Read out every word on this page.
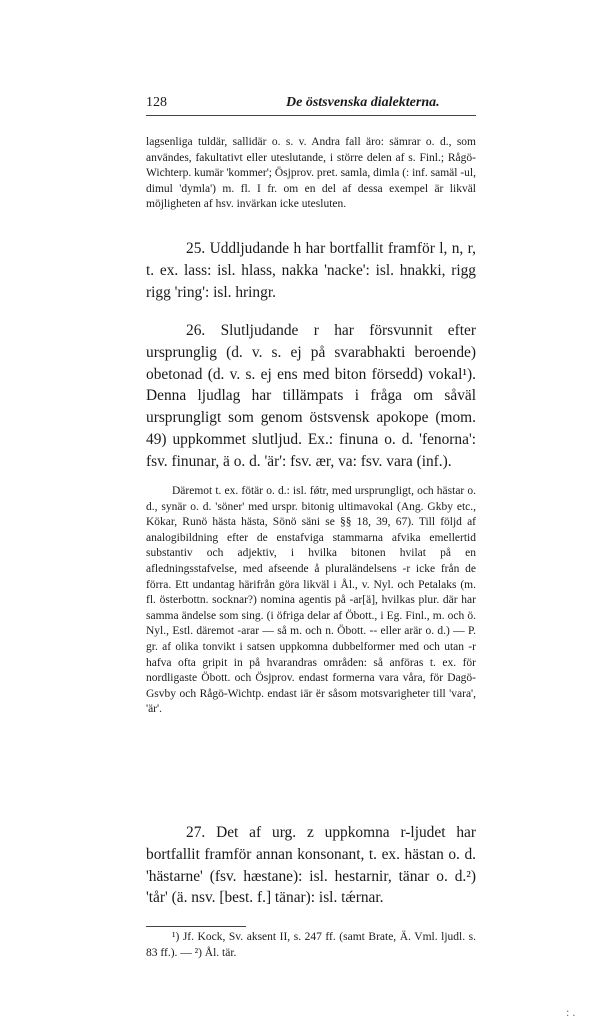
128	De östsvenska dialekterna.

lagsenliga tuldär, sallidär o. s. v. Andra fall äro: sämrar o. d., som användes, fakultativt eller uteslutande, i större delen af s. Finl.; Rågö-Wichterp. kumär 'kommer'; Ösjprov. pret. samla, dimla (: inf. samäl -ul, dimul 'dymla') m. fl. I fr. om en del af dessa exempel är likväl möjligheten af hsv. invärkan icke utesluten.

25. Uddljudande h har bortfallit framför l, n, r, t. ex. lass: isl. hlass, nakka 'nacke': isl. hnakki, rigg rigg 'ring': isl. hringr.

26. Slutljudande r har försvunnit efter ursprunglig (d. v. s. ej på svarabhakti beroende) obetonad (d. v. s. ej ens med biton försedd) vokal¹). Denna ljudlag har tillämpats i fråga om såväl ursprungligt som genom östsvensk apokope (mom. 49) uppkommet slutljud. Ex.: finuna o. d. 'fenorna': fsv. finunar, ä o. d. 'är': fsv. ær, va: fsv. vara (inf.).

Däremot t. ex. fötär o. d.: isl. fǿtr, med ursprungligt, och hästar o. d., synär o. d. 'söner' med urspr. bitonig ultimavokal (Ang. Gkby etc., Kökar, Runö hästa hästa, Sönö säni se §§ 18, 39, 67). Till följd af analogibildning efter de enstafviga stammarna afvika emellertid substantiv och adjektiv, i hvilka bitonen hvilat på en afledningsstafvelse, med afseende å pluraländelsens -r icke från de förra. Ett undantag härifrån göra likväl i Ål., v. Nyl. och Petalaks (m. fl. österbottn. socknar?) nomina agentis på -ar[ä], hvilkas plur. där har samma ändelse som sing. (i öfriga delar af Öbott., i Eg. Finl., m. och ö. Nyl., Estl. däremot -arar — så m. och n. Öbott. -- eller arär o. d.) — P. gr. af olika tonvikt i satsen uppkomna dubbelformer med och utan -r hafva ofta gripit in på hvarandras områden: så anföras t. ex. för nordligaste Öbott. och Ösjprov. endast formerna vara våra, för Dagö-Gsvby och Rågö-Wichtp. endast iär ër såsom motsvarigheter till 'vara', 'är'.

27. Det af urg. z uppkomna r-ljudet har bortfallit framför annan konsonant, t. ex. hästan o. d. 'hästarne' (fsv. hæstane): isl. hestarnir, tänar o. d.²) 'tår' (ä. nsv. [best. f.] tänar): isl. tǽrnar.

¹) Jf. Kock, Sv. aksent II, s. 247 ff. (samt Brate, Ä. Vml. ljudl. s. 83 ff.). — ²) Ål. tär.

: .
